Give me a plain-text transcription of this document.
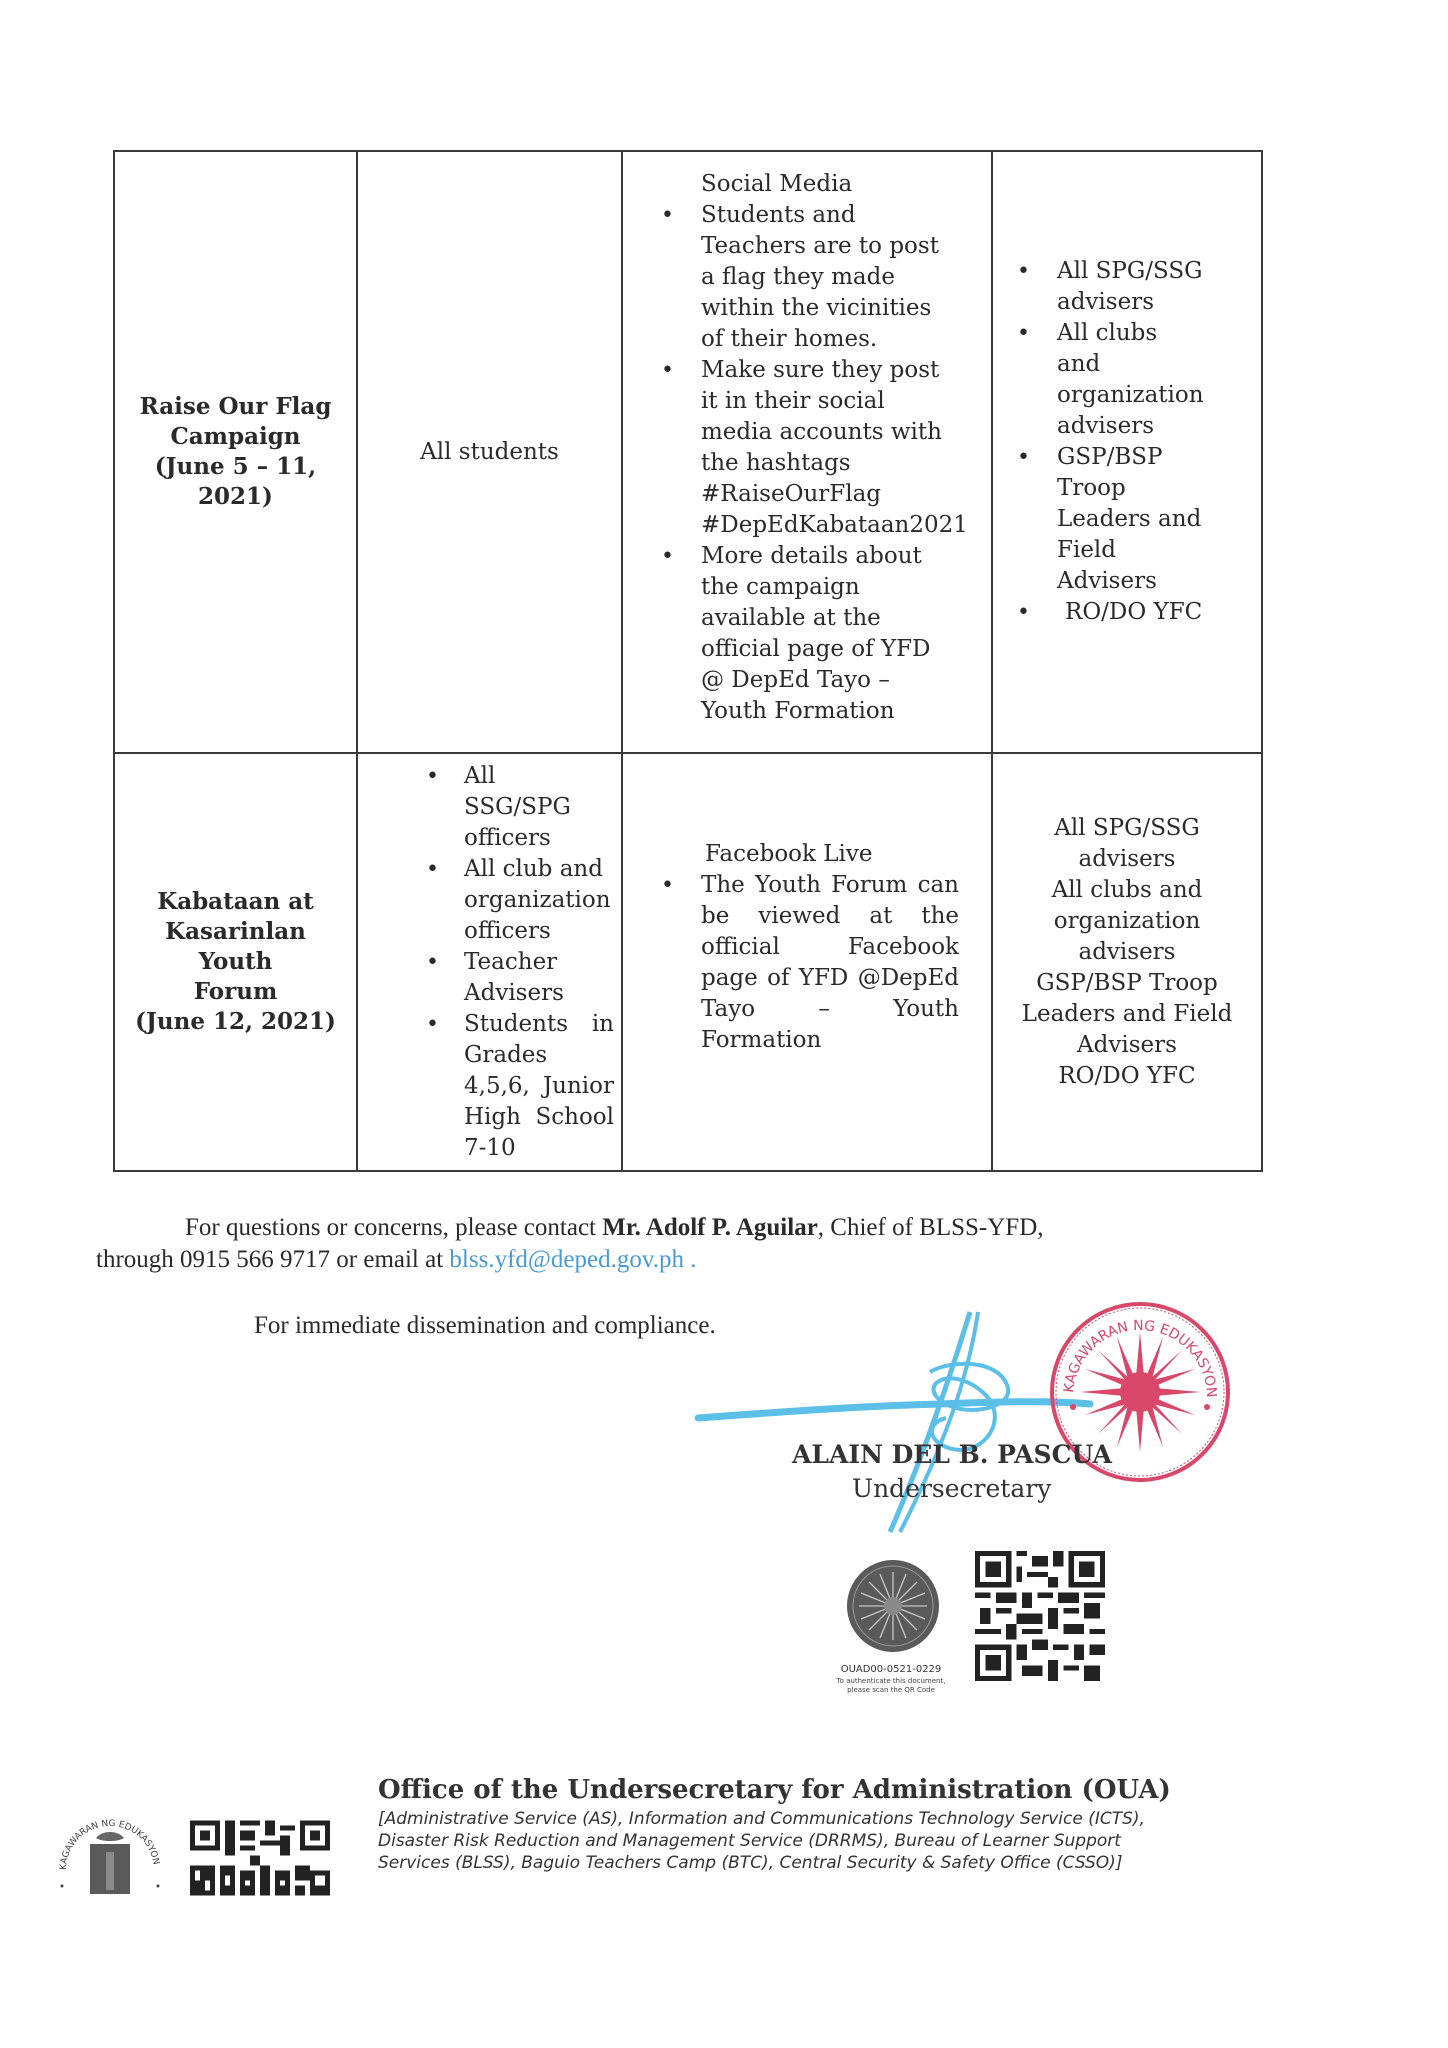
Raise Our Flag
Campaign
(June 5 – 11,
2021)
All students
Social Media
• Students and Teachers are to post a flag they made within the vicinities of their homes.
• Make sure they post it in their social media accounts with the hashtags #RaiseOurFlag #DepEdKabataan2021
• More details about the campaign available at the official page of YFD @ DepEd Tayo – Youth Formation
• All SPG/SSG advisers
• All clubs and organization advisers
• GSP/BSP Troop Leaders and Field Advisers
• RO/DO YFC
Kabataan at
Kasarinlan Youth
Forum
(June 12, 2021)
• All SSG/SPG officers
• All club and organization officers
• Teacher Advisers
• Students in Grades 4,5,6, Junior High School 7-10
Facebook Live
• The Youth Forum can be viewed at the official Facebook page of YFD @DepEd Tayo – Youth Formation
All SPG/SSG
advisers
All clubs and
organization
advisers
GSP/BSP Troop
Leaders and Field
Advisers
RO/DO YFC
For questions or concerns, please contact Mr. Adolf P. Aguilar, Chief of BLSS-YFD,
through 0915 566 9717 or email at blss.yfd@deped.gov.ph .
For immediate dissemination and compliance.
KAGAWARAN NG EDUKASYON
ALAIN DEL B. PASCUA
Undersecretary
OUAD00-0521-0229
To authenticate this document,
please scan the QR Code
KAGAWARAN NG EDUKASYON
Office of the Undersecretary for Administration (OUA)
[Administrative Service (AS), Information and Communications Technology Service (ICTS),
Disaster Risk Reduction and Management Service (DRRMS), Bureau of Learner Support
Services (BLSS), Baguio Teachers Camp (BTC), Central Security & Safety Office (CSSO)]
